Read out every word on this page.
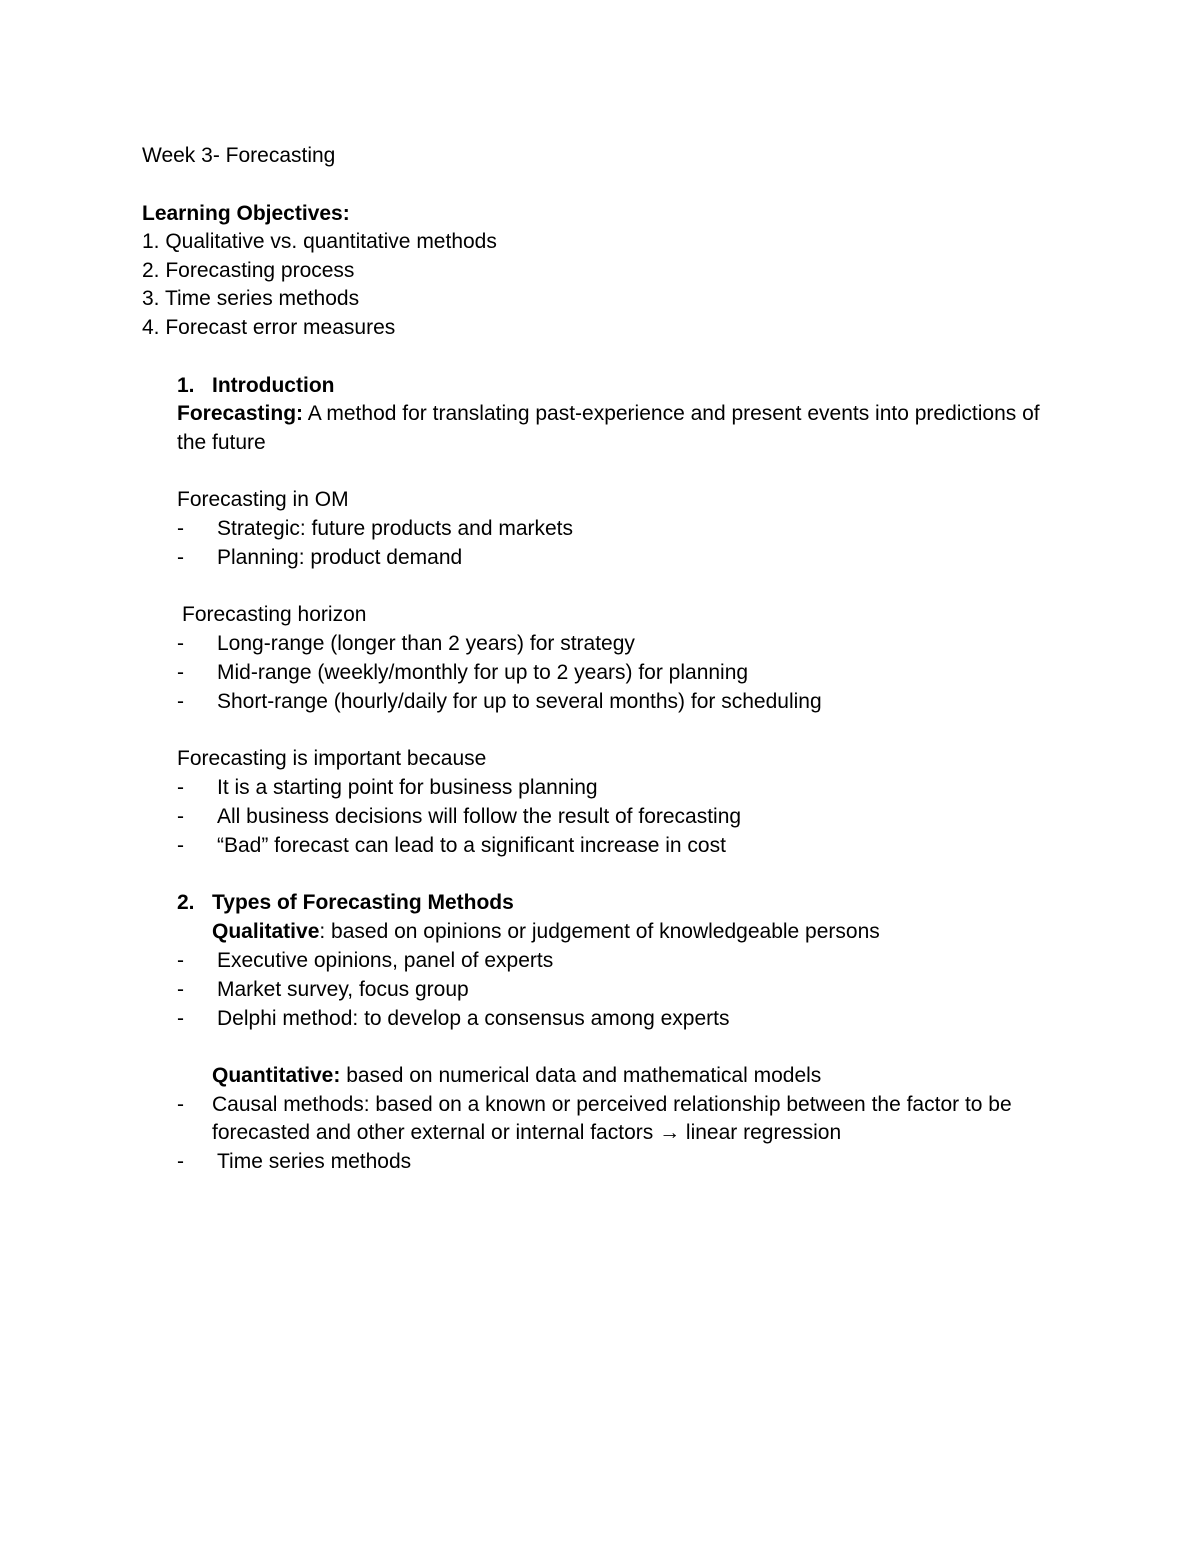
Week 3- Forecasting
Learning Objectives:
1. Qualitative vs. quantitative methods
2. Forecasting process
3. Time series methods
4. Forecast error measures
1. Introduction
Forecasting: A method for translating past-experience and present events into predictions of
the future
Forecasting in OM
- Strategic: future products and markets
- Planning: product demand
Forecasting horizon
- Long-range (longer than 2 years) for strategy
- Mid-range (weekly/monthly for up to 2 years) for planning
- Short-range (hourly/daily for up to several months) for scheduling
Forecasting is important because
- It is a starting point for business planning
- All business decisions will follow the result of forecasting
- “Bad” forecast can lead to a significant increase in cost
2. Types of Forecasting Methods
Qualitative: based on opinions or judgement of knowledgeable persons
- Executive opinions, panel of experts
- Market survey, focus group
- Delphi method: to develop a consensus among experts
Quantitative: based on numerical data and mathematical models
- Causal methods: based on a known or perceived relationship between the factor to be
forecasted and other external or internal factors → linear regression
- Time series methods
